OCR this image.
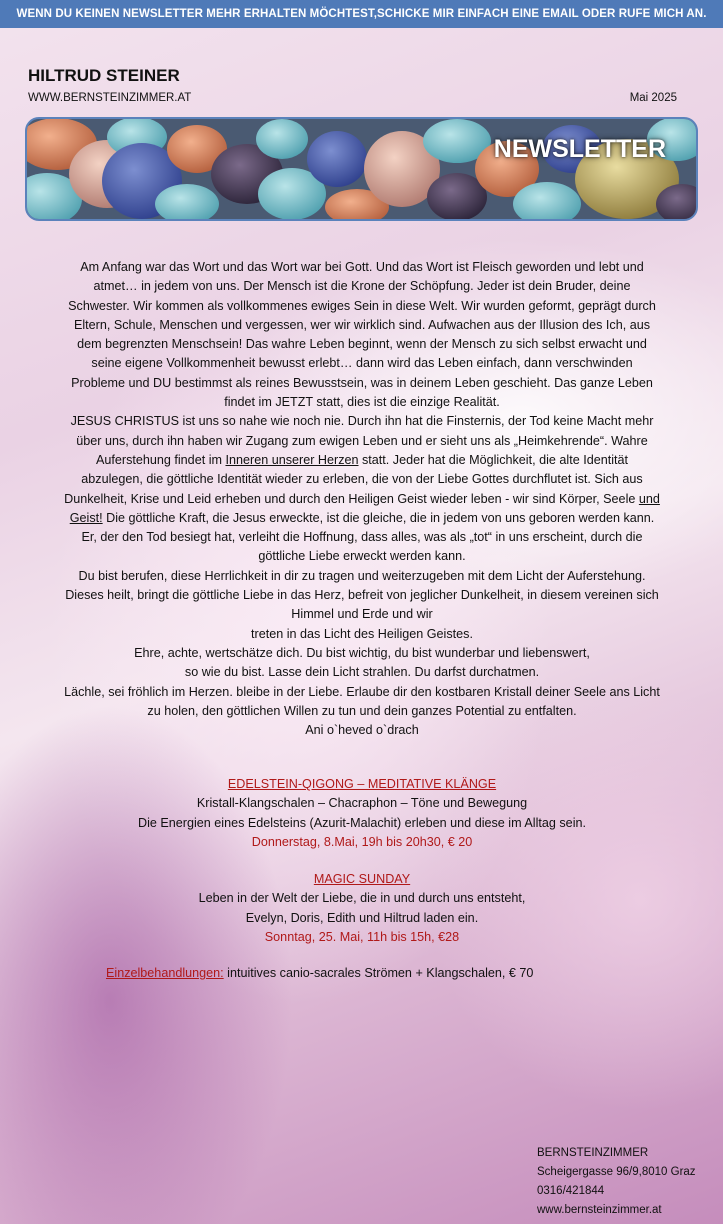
WENN DU KEINEN NEWSLETTER MEHR ERHALTEN MÖCHTEST,SCHICKE MIR EINFACH EINE EMAIL ODER RUFE MICH AN.
HILTRUD STEINER
WWW.BERNSTEINZIMMER.AT	Mai 2025
NEWSLETTER

Am Anfang war das Wort und das Wort war bei Gott. Und das Wort ist Fleisch geworden und lebt und atmet… in jedem von uns. Der Mensch ist die Krone der Schöpfung. Jeder ist dein Bruder, deine Schwester. Wir kommen als vollkommenes ewiges Sein in diese Welt. Wir wurden geformt, geprägt durch Eltern, Schule, Menschen und vergessen, wer wir wirklich sind. Aufwachen aus der Illusion des Ich, aus dem begrenzten Menschsein! Das wahre Leben beginnt, wenn der Mensch zu sich selbst erwacht und seine eigene Vollkommenheit bewusst erlebt… dann wird das Leben einfach, dann verschwinden Probleme und DU bestimmst als reines Bewusstsein, was in deinem Leben geschieht. Das ganze Leben findet im JETZT statt, dies ist die einzige Realität.

JESUS CHRISTUS ist uns so nahe wie noch nie. Durch ihn hat die Finsternis, der Tod keine Macht mehr über uns, durch ihn haben wir Zugang zum ewigen Leben und er sieht uns als „Heimkehrende“. Wahre Auferstehung findet im Inneren unserer Herzen statt. Jeder hat die Möglichkeit, die alte Identität abzulegen, die göttliche Identität wieder zu erleben, die von der Liebe Gottes durchflutet ist. Sich aus Dunkelheit, Krise und Leid erheben und durch den Heiligen Geist wieder leben - wir sind Körper, Seele und Geist! Die göttliche Kraft, die Jesus erweckte, ist die gleiche, die in jedem von uns geboren werden kann. Er, der den Tod besiegt hat, verleiht die Hoffnung, dass alles, was als „tot“ in uns erscheint, durch die

göttliche Liebe erweckt werden kann.

Du bist berufen, diese Herrlichkeit in dir zu tragen und weiterzugeben mit dem Licht der Auferstehung. Dieses heilt, bringt die göttliche Liebe in das Herz, befreit von jeglicher Dunkelheit, in diesem vereinen sich Himmel und Erde und wir

treten in das Licht des Heiligen Geistes.

Ehre, achte, wertschätze dich. Du bist wichtig, du bist wunderbar und liebenswert,

so wie du bist. Lasse dein Licht strahlen. Du darfst durchatmen.

Lächle, sei fröhlich im Herzen. bleibe in der Liebe. Erlaube dir den kostbaren Kristall deiner Seele ans Licht zu holen, den göttlichen Willen zu tun und dein ganzes Potential zu entfalten.

Ani o`heved o`drach

EDELSTEIN-QIGONG – MEDITATIVE KLÄNGE

Kristall-Klangschalen – Chacraphon – Töne und Bewegung

Die Energien eines Edelsteins (Azurit-Malachit) erleben und diese im Alltag sein.

Donnerstag, 8.Mai, 19h bis 20h30, € 20

MAGIC SUNDAY

Leben in der Welt der Liebe, die in und durch uns entsteht,

Evelyn, Doris, Edith und Hiltrud laden ein.

Sonntag, 25. Mai, 11h bis 15h, €28

Einzelbehandlungen: intuitives canio-sacrales Strömen + Klangschalen, € 70
BERNSTEINZIMMER
Scheigergasse 96/9,8010 Graz
0316/421844
www.bernsteinzimmer.at
